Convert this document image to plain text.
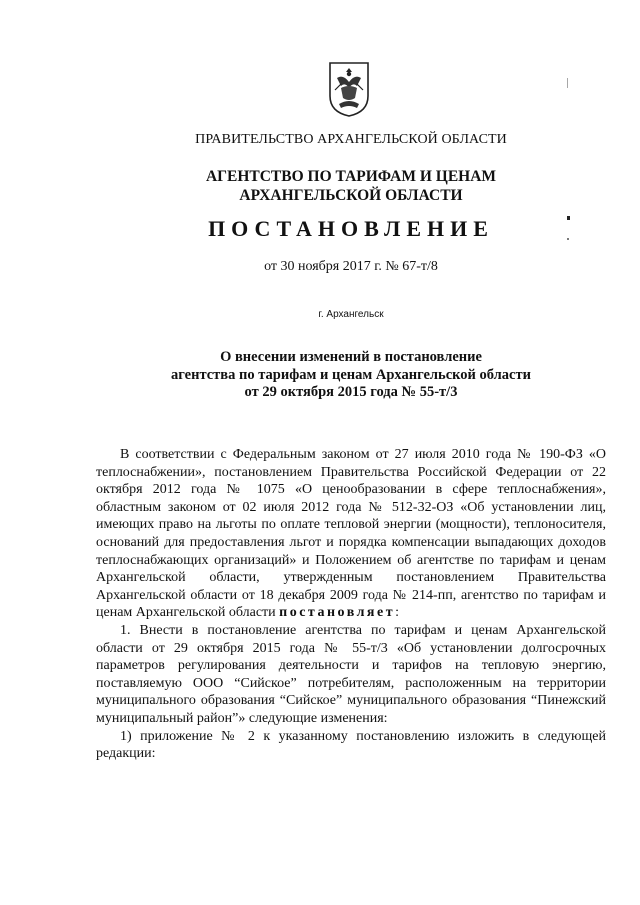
ПРАВИТЕЛЬСТВО АРХАНГЕЛЬСКОЙ ОБЛАСТИ
АГЕНТСТВО ПО ТАРИФАМ И ЦЕНАМ
АРХАНГЕЛЬСКОЙ ОБЛАСТИ
ПОСТАНОВЛЕНИЕ
от 30 ноября 2017 г. № 67-т/8
г. Архангельск
О внесении изменений в постановление
агентства по тарифам и ценам Архангельской области
от 29 октября 2015 года № 55-т/3

В соответствии с Федеральным законом от 27 июля 2010 года № 190-ФЗ «О теплоснабжении», постановлением Правительства Российской Федерации от 22 октября 2012 года № 1075 «О ценообразовании в сфере теплоснабжения», областным законом от 02 июля 2012 года № 512-32-ОЗ «Об установлении лиц, имеющих право на льготы по оплате тепловой энергии (мощности), теплоносителя, оснований для предоставления льгот и порядка компенсации выпадающих доходов теплоснабжающих организаций» и Положением об агентстве по тарифам и ценам Архангельской области, утвержденным постановлением Правительства Архангельской области от 18 декабря 2009 года № 214-пп, агентство по тарифам и ценам Архангельской области постановляет:

1. Внести в постановление агентства по тарифам и ценам Архангельской области от 29 октября 2015 года № 55-т/3 «Об установлении долгосрочных параметров регулирования деятельности и тарифов на тепловую энергию, поставляемую ООО “Сийское” потребителям, расположенным на территории муниципального образования “Сийское” муниципального образования “Пинежский муниципальный район”» следующие изменения:

1) приложение № 2 к указанному постановлению изложить в следующей редакции:
